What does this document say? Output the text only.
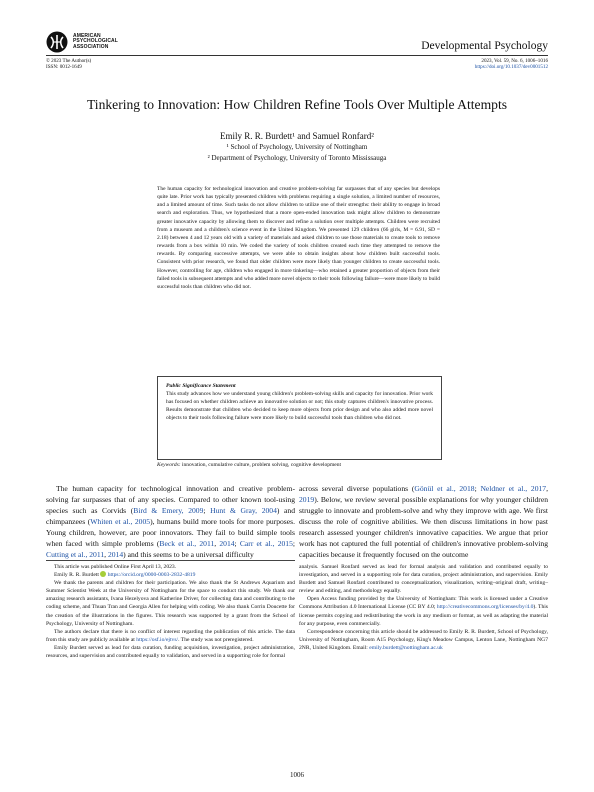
AMERICAN PSYCHOLOGICAL ASSOCIATION	Developmental Psychology
© 2023 The Author(s)
ISSN: 0012-1649
2023, Vol. 59, No. 6, 1006–1016
https://doi.org/10.1037/dev0001512
Tinkering to Innovation: How Children Refine Tools Over Multiple Attempts
Emily R. R. Burdett¹ and Samuel Ronfard²
¹ School of Psychology, University of Nottingham
² Department of Psychology, University of Toronto Mississauga
The human capacity for technological innovation and creative problem-solving far surpasses that of any species but develops quite late. Prior work has typically presented children with problems requiring a single solution, a limited number of resources, and a limited amount of time. Such tasks do not allow children to utilize one of their strengths: their ability to engage in broad search and exploration. Thus, we hypothesized that a more open-ended innovation task might allow children to demonstrate greater innovative capacity by allowing them to discover and refine a solution over multiple attempts. Children were recruited from a museum and a children's science event in the United Kingdom. We presented 129 children (66 girls, M = 6.91, SD = 2.18) between 4 and 12 years old with a variety of materials and asked children to use those materials to create tools to remove rewards from a box within 10 min. We coded the variety of tools children created each time they attempted to remove the rewards. By comparing successive attempts, we were able to obtain insights about how children built successful tools. Consistent with prior research, we found that older children were more likely than younger children to create successful tools. However, controlling for age, children who engaged in more tinkering—who retained a greater proportion of objects from their failed tools in subsequent attempts and who added more novel objects to their tools following failure—were more likely to build successful tools than children who did not.
Public Significance Statement
This study advances how we understand young children's problem-solving skills and capacity for innovation. Prior work has focused on whether children achieve an innovative solution or not; this study captures children's innovative process. Results demonstrate that children who decided to keep more objects from prior design and who also added more novel objects to their tools following failure were more likely to build successful tools than children who did not.
Keywords: innovation, cumulative culture, problem solving, cognitive development
The human capacity for technological innovation and creative problem-solving far surpasses that of any species. Compared to other known tool-using species such as Corvids (Bird & Emery, 2009; Hunt & Gray, 2004) and chimpanzees (Whiten et al., 2005), humans build more tools for more purposes. Young children, however, are poor innovators. They fail to build simple tools when faced with simple problems (Beck et al., 2011, 2014; Carr et al., 2015; Cutting et al., 2011, 2014) and this seems to be a universal difficulty
across several diverse populations (Gönül et al., 2018; Neldner et al., 2017, 2019). Below, we review several possible explanations for why younger children struggle to innovate and problem-solve and why they improve with age. We first discuss the role of cognitive abilities. We then discuss limitations in how past research assessed younger children's innovative capacities. We argue that prior work has not captured the full potential of children's innovative problem-solving capacities because it frequently focused on the outcome

This article was published Online First April 13, 2023.

Emily R. R. Burdett  https://orcid.org/0000-0003-2832-4819

We thank the parents and children for their participation. We also thank the St Andrews Aquarium and Summer Scientist Week at the University of Nottingham for the space to conduct this study. We thank our amazing research assistants, Ivana Hezelyova and Katherine Driver, for collecting data and contributing to the coding scheme, and Thuan Tran and Georgia Allen for helping with coding. We also thank Corrin Doucette for the creation of the illustrations in the figures. This research was supported by a grant from the School of Psychology, University of Nottingham.

The authors declare that there is no conflict of interest regarding the publication of this article. The data from this study are publicly available at https://osf.io/ejtvs/. The study was not preregistered.

Emily Burdett served as lead for data curation, funding acquisition, investigation, project administration, resources, and supervision and contributed equally to validation, and served in a supporting role for formal

analysis. Samuel Ronfard served as lead for formal analysis and validation and contributed equally to investigation, and served in a supporting role for data curation, project administration, and supervision. Emily Burdett and Samuel Ronfard contributed to conceptualization, visualization, writing–original draft, writing–review and editing, and methodology equally.

Open Access funding provided by the University of Nottingham: This work is licensed under a Creative Commons Attribution 4.0 International License (CC BY 4.0; http://creativecommons.org/licenses/by/4.0). This license permits copying and redistributing the work in any medium or format, as well as adapting the material for any purpose, even commercially.

Correspondence concerning this article should be addressed to Emily R. R. Burdett, School of Psychology, University of Nottingham, Room A15 Psychology, King's Meadow Campus, Lenton Lane, Nottingham NG7 2NR, United Kingdom. Email: emily.burdett@nottingham.ac.uk

1006
